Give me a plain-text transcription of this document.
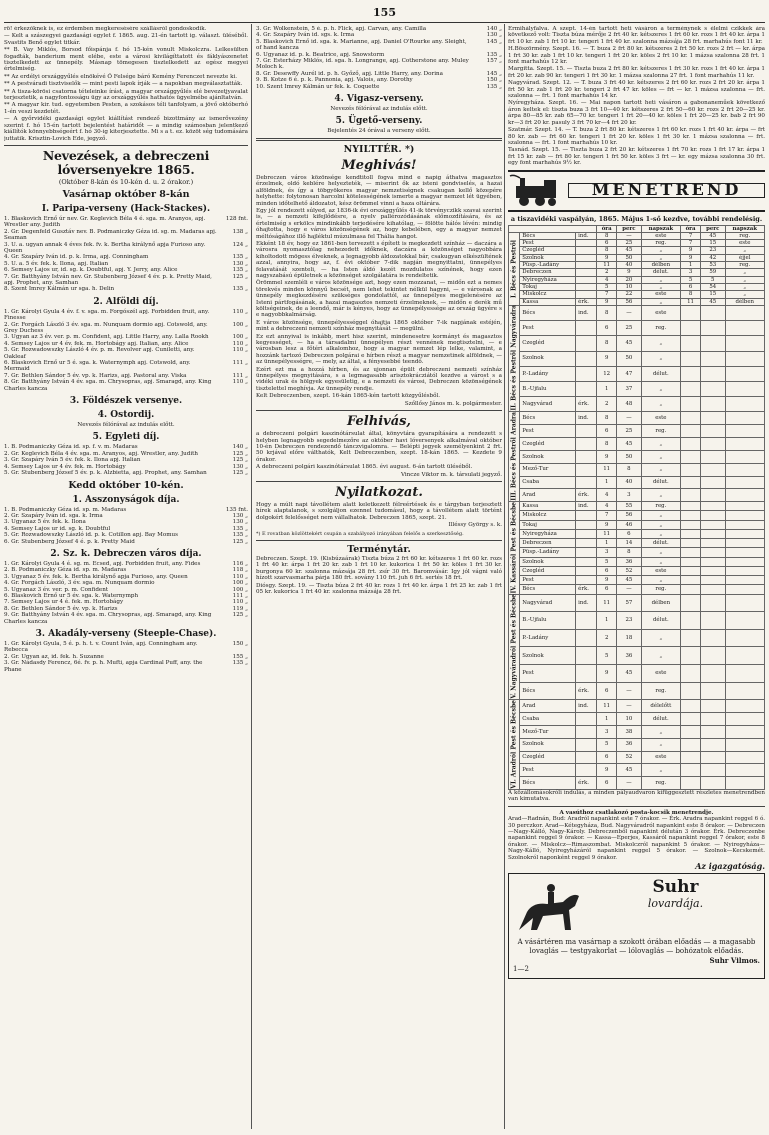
155

rö! érkezőknek is, ez érdemben megkeresésére szállásról gondoskodik.

— Kelt a szászegyei gazdasági egylet f. 1865. aug. 21-én tartott ig. választ. üléséből. Svastits Benő egylet titkár.

** B. Vay Miklós, Borsod főispánja f. hó 15-kén vonult Miskolczra. Lelkesülten fogadták, banderium ment elébe, este a városi kivilágíttatott és fáklyászenetet tisztelkedett az ünnepély. Másnap tömegesen tisztelkedett az egész megyei értelmiség.

** Az erdélyi országgyűlés elnökévé Ő Felsége báró Kemény Ferenczet nevezte ki.

** A pestváradi tisztviselők — mint pesti lapok írják — a napokban megválasztatták.

** A tisza-körösi csatorna tételeinke írást, a magyar országgyűlés elé bevezetjyavalat terjesztetik, a nagyfontosságu ügy az országgyűlés hathatós ügyelmébe ajánltatván.

** A magyar kir. tud. egyetemben Pesten, a szokásos téli tanfolyam, a jövő októberhó 1-én veszi kezdetét.

— A győrvidéki gazdasági egylet kiállítást rendező bizottmány az ismerővezény szerint f. hó 15-én tartott bejelentést határidőt — a mindig számosban jelentkező kiállítók könnyebbségeért f. hó 30-ig kiterjesztette. Mi s a t. ez. közöt ség tudomására juttatik. Krisztin-Lovich Ede, jegyző.

Nevezések, a debreczeni lóversenyekre 1865.
(Október 8-kán és 10-kén d. u. 2 órakor.)
Vasárnap október 8-kán
I. Paripa-verseny (Hack-Stackes).
1. Blaskovich Ernő úr nev. Gr. Keglevich Béla 4 é. sga. m. Aranyos, apj. Wrestler any. Judith
128 fnt.
2. Gr. Degenfeld Gusztáv nev. B. Podmaniczky Géza id. sg. m. Madaras apj. Seaman
138 „
3. U. a. ugyan annak 4 éves fek. fv. k. Bertha királynő apja Furioso any. Queen
124 „
4. Gr. Szapáry Iván id. p. k. Irma, apj. Conningham	135 „
5. U. a. 5 év. fek. k. Ilona, apj. Italian	130 „
6. Semsey Lajos ur, id. sg. k. Doubtful, apj. Y. Jerry, any. Alice	135 „
7. Gr. Batthyány István nev. Gr. Stubenberg József 4 év. p. k. Pretty Maid, apj. Prophet, any. Samhan
125 „
8. Szent Imrey Kálmán ur sga. h. Delin	135 „
2. Alföldi díj.
1. Gr. Károlyi Gyula 4 év. f. v. sga. m. Forgószél apj. Forbidden fruit, any. Finesse
110 „
2. Gr. Forgách László 3 év. sga. m. Nunquam dormio apj. Cotswold, any. Grey Duchess
100 „
3. Ugyan az 3 év. ver. p. m. Confident, apj. Little Harry, any. Lalla Rookh	100 „
4. Semsey Lajos ur 4 év. fek. m. Hortobágy apj. Italian, any. Alice	110 „
5. Gr. Rozwadowszky László 4 év. p. m. Revolver apj. Cuniletti, any. Oakleaf
110 „
6. Blaskovich Ernő ur 5 é. sga. k. Waternymph apj. Cotswold, any. Mermaid
111 „
7. Gr. Bethlen Sándor 5 év. vp. k. Harizs, apj. Pastoral any. Viska	111 „
8. Gr. Batthyány István 4 év. sga. m. Chrysopras, apj. Smaragd, any. King Charles kancza
110 „
3. Földészek versenye.
4. Ostordij.
Nevezés félórával az indulás előtt.
5. Egyleti díj.
1. B. Podmaniczky Géza id. sp. f. v. m. Madaras	140 „
2. Gr. Keglevich Béla 4 év. sga. m. Aranyos, apj. Wrestler, any. Judith	125 „
3. Gr. Szapáry Iván 5 év. fek. k. Ilona apj. Italian	125 „
4. Semsey Lajos ur 4 év. fek. m. Hortobágy	130 „
5. Gr. Stubenberg József 5 év. p. k. Alzbietta, apj. Prophet, any. Samhan	125 „
Kedd október 10-kén.
1. Asszonyságok díja.
1. B. Podmaniczky Géza id. sp. m. Madaras	135 fnt.
2. Gr. Szapáry Iván id. sga. k. Irma	130 „
3. Ugyanaz 5 év. fek. k. Ilona	130 „
4. Semsey Lajos ur id. sg. k. Doubtful	135 „
5. Gr. Rozwadowszky László id. p. k. Cotillon apj. Bay Momus	135 „
6. Gr. Stubenberg József 4 é. p. k. Pretty Maid	125 „
2. Sz. k. Debreczen város díja.
1. Gr. Károlyi Gyula 4 é. sg. m. Ecsed, apj. Forbidden fruit, any. Fides	116 „
2. B. Podmaniczky Géza id. sp. m. Madaras	118 „
3. Ugyanaz 5 év. fek. k. Bertha királynő apja Furioso, any. Queen	110 „
4. Gr. Forgách László, 3 év. sga. m. Nunquam dormio	100 „
5. Ugyanaz 3 év. ver. p. m. Confident	100 „
6. Blaskovich Ernő ur 5 év. sga. k. Waternymph	111 „
7. Semsey Lajos ur 4 é. fek. m. Hortobágy	110 „
8. Gr. Bethlen Sándor 5 év. vp. k. Harizs	119 „
9. Gr. Batthyány István 4 év. sga. m. Chrysopras, apj. Smaragd, any. King Charles kancza
125 „
3. Akadály-verseny (Steeple-Chase).
1. Gr. Károlyi Gyula, 5 é. p. h. t. v. Count Iván, apj. Conningham any. Rebecca
150 „
2. Gr. Ugyan az, id. fek. h. Suzanne	155 „
3. Gr. Nádasdy Ferencz, 6é. fv. p. h. Mufti, apja Cardinal Puff, any. the Phane
135 „
3. Gr. Wolkenstein, 5 é. p. h. Flick, apj. Carvan, any. Camilla	140 „
4. Gr. Szapáry Iván id. sgs. k. Irma	130 „
5. Blaskovich Ernő id. sga. k. Marianne, apj. Daniel O'Rourke any. Sleight, of hand kancza
145 „
6. Ugyanaz id. p. k. Beatrice, apj. Snowstorm	135 „
7. Gr. Esterházy Miklós, id. sga. h. Longrange, apj. Cotherstone any. Muley Moloch k.
157 „
8. Gr. Desewffy Aurél id. p. h. Győző, apj. Little Harry, any. Dorina	145 „
9. B. Kotze 6 é. p. k. Pannonia, apj. Valois, any. Dorothy	150 „
10. Szent Imrey Kálmán ur fek. k. Coquette	135 „
4. Vigasz-verseny.
Nevezés félórával az indulás előtt.
5. Ügető-verseny.
Bejelentés 24 órával a verseny előtt.
NYILTTÉR. *)
Meghivás!

Debreczen város közönsége kendtitoll fogva mind e napig áthatva magasztos érzelmek, oldó keblére helyezteték, — miserint ők az isteni gondviselés, a hazai alföldnek, és így a töbgyökeres magyar nemzetiségnek csakugan kellő közepére helyhette: folytonosan harcolni kötelességének ismerte a magyar nemzet lét ügyében, minden időtelhető áldozatot, kész örömmel vinni a haza oltárára.

Egy jól rendezett súlyed, az 1836-ik évi országgyűlés 41-ik törvényczikk szavai szerint is, — a nemzeti kifejlődésre, a nyelv pallérozódásának előmozdítására, és az értelmiség s erkölcs mindinkább terjedésére kihatólag, — fölötte hálós lévén: mindig óhajtotta, hogy e város közönségének az, hogy kebelében, egy a magyar nemzet méltóságához illő hajléktul múzulmasa fel Thália hangot.

Ekként 18 év, hogy ez 1861-ben tervezett s épített is megkezdett színház — daczára a városra nyomasztólag nehezedett időknek, daczára a közönséget nagyobbára kiholtodott mögess élveknek, a legnagyobb áldozatokkal bár, csakugyan elkészültének azzal, annyira, hogy az, f. évi október 7-dik napján megnyittatni, ünnepélyes felavatását szenteli, — ha Isten áldó kezét mozdulatos színének, hogy ezen nagyszabású épületnek a közönséget szolgálatára is rendeltetik.

Örömmel szemléli e város közönsége azt, hogy ezen mozzanat, — midőn ezt a nemes törekvés minden könnyű becsét, nem lehet tekintet nélkül hagyni, — e városnak az ünnepély megkezdésére szükséges gondolattól, az ünnepélyes megjelenésére az Isteni pártfogásának, a hazai magasztos nemzeti érzelmeknek, — midőn e derék mű költségeinek, de a leendő, már is kényes, hogy az ünnepélyessége az ország ügyére s e nagyobbkalmárság.

E város közönsége, ünnepélyességgel óhajtja 1865 október 7-ik napjának estéjén, mint a debreczeni nemzeti színház megnyitását — megülni.

Ez ezt annyival is inkább, mert hisz szerint, mindenesetre kormányt és magasztos kegyességet, — ha a társadalmi ünnepélyen részt vennének megtisztelni, — e városban lesz a főtéri alkalomhoz, hogy a magyar nemzet lép lelke, valamint, a hozzánk tartozó Debreczen polgárai e hírben részt a magyar nemzetinek alföldnek, — az ünnepélyességre, — mely, az által, a fényesebbé teendő.

Ezért ezt ma a hozzá hírben, és az ujonnan épült debreczeni nemzeti színház ünnepélyes megnyitására, s a legmagasabb arisztokrácziától kezdve a várost s a vidéki urak és hölgyek egyesületig, e a nemzeti és városi, Debreczen közönségének tisztelettel meghívja. Az ünnepély rendje.

Kelt Debreczenben, szept. 16-kán 1865-kén tartott közgyűlésből.

Szőllősy János m. k. polgármester.
Felhivás,

a debreczeni polgári kaszinótársulat által, könyvtára gyarapítására a rendezett s helyben legnagyobb segedelmezőre az október havi lóversenyek alkalmával október 10-én Debreczen rendezendő tánczvigalomra. — Belépti jegyek személyenkint 2 frt. 50 krjával előre válthatók, Kelt Debreczenben, szept. 18-kán 1865. — Kezdete 9 órakor.

A debreczeni polgári kaszinótársulat 1865. évi august. 6-án tartott üléséből.

Vincze Viktor m. k. társulati jegyző.
Nyilatkozat.

Hogy a múlt napi távollétem alatt keletkezett félreértések és e tárgyban terjesztett hírek alaptalanok, s szolgáljon ezennel tudomásul, hogy a távollétem alatt történt dolgokért felelősséget nem vállalhatok. Debreczen 1865, szept. 21.

Illéssy György s. k.

*) E rovatban közlöttekért csupán a szabályozó irányában felelős a szerkesztőség.

Terménytár.

Debreczen. Szept. 19. (Kisbúzaárak) Tiszta búza 2 frt 60 kr. kétszeres 1 frt 60 kr. rozs 1 frt 40 kr. árpa 1 frt 20 kr. zab 1 frt 10 kr. kukorica 1 frt 50 kr. köles 1 frt 30 kr. burgonya 60 kr. szalonna mázsája 28 frt. zsír 30 frt. Baromvásár. Igy jól vágni való hízott szarvasmarha párja 180 frt. sovány 110 frt. juh 6 frt. sertés 18 frt.

Diósgy. Szept. 19. — Tiszta búza 2 frt 40 kr. rozs 1 frt 40 kr. árpa 1 frt 25 kr. zab 1 frt 05 kr. kukorica 1 frt 40 kr. szalonna mázsája 28 frt.

Érmihályfalva. A szept. 14-én tartott heti vásáron a terménynek s élelmi czikkek ára következő volt: Tiszta búza mérője 2 frt 40 kr. kétszeres 1 frt 60 kr. rozs 1 frt 40 kr. árpa 1 frt 10 kr. zab 1 frt 10 kr. tengeri 1 frt 40 kr. szalonna mázsája 28 frt. marhahús font 11 kr.

H.Böszörmény. Szept. 16. — T. buza 2 frt 80 kr. kétszeres 2 frt 50 kr. rozs 2 frt — kr. árpa 1 frt 30 kr. zab 1 frt 10 kr. tengeri 1 frt 20 kr. köles 2 frt 10 kr. 1 mázsa szalonna 28 frt. 1 font marhahús 12 kr.

Margitta. Szept. 15. — Tiszta buza 2 frt 80 kr. kétszeres 1 frt 30 kr. rozs 1 frt 40 kr. árpa 1 frt 20 kr. zab 90 kr. tengeri 1 frt 30 kr. 1 mázsa szalonna 27 frt. 1 font marhahús 11 kr.

Nagyvárad. Szept. 12. — T. buza 3 frt 40 kr. kétszeres 2 frt 60 kr. rozs 2 frt 20 kr. árpa 1 frt 50 kr. zab 1 frt 20 kr. tengeri 2 frt 47 kr. köles — frt — kr. 1 mázsa szalonna — frt. szalonna — frt. 1 font marhahús 14 kr.

Nyíregyháza. Szept. 16. — Mai napon tartott heti vásáron a gabonaneműek következő áron keltek el: tiszta buza 3 frt 10—40 kr. kétszeres 2 frt 50—60 kr. rozs 2 frt 20—25 kr. árpa 80—85 kr. zab 65—70 kr. tengeri 1 frt 20—40 kr. köles 1 frt 20—25 kr. bab 2 frt 90 kr—3 frt 20 kr. pasuly 3 frt 70 kr—4 frt 20 kr.

Szatmár. Szept. 14. — T. buza 2 frt 80 kr. kétszeres 1 frt 60 kr. rozs 1 frt 40 kr. árpa — frt 80 kr. zab — frt 60 kr. tengeri 1 frt 20 kr. köles 1 frt 30 kr. 1 mázsa szalonna — frt. szalonna — frt. 1 font marhahús 10 kr.

Tasnád. Szept. 15. — Tiszta buza 2 frt 20 kr. kétszeres 1 frt 70 kr. rozs 1 frt 17 kr. árpa 1 frt 15 kr. zab — frt 80 kr. tengeri 1 frt 50 kr. köles 3 frt — kr. egy mázsa szalonna 30 frt. egy font marhahús 9½ kr.

MENETREND
a tiszavidéki vaspályán, 1865. Május 1-ső kezdve, további rendelésig.
			óra	perc	napszak	óra	perc	napszak
I. Bécs és Pestről	Bécs	ind.	8	—	este	7	45	reg.
	Pest		6	25	reg.	7	15	este
	Czegléd		8	45	„	9	23	„
	Szolnok		9	50	„	9	42	éjjel
	Püsp.-Ladány		11	40	délben	1	53	reg.
	Debreczen		2	9	délut.	3	59	„
	Nyiregyháza		4	20	„	5	5	„
	Tokaj		5	10	„	6	54	„
	Miskolcz		7	22	este	8	15	„
	Kassa	érk.	9	56	„	11	45	délben
II. Bécs és Pestről Nagyváradra	Bécs	ind.	8	—	este			
	Pest		6	25	reg.			
	Czegléd		8	45	„			
	Szolnok		9	50	„			
	P.-Ladány		12	47	délut.			
	B.-Ujfalu		1	37	„			
	Nagyvárad	érk.	2	48	„			
III. Bécs és Pestről Aradra	Bécs	ind.	8	—	este			
	Pest		6	25	reg.			
	Czegléd		8	45	„			
	Szolnok		9	50	„			
	Mező-Tur		11	8	„			
	Csaba		1	40	délut.			
	Arad	érk.	4	3	„			
IV. Kassáról Pest és Bécsbe	Kassa	ind.	4	55	reg.			
	Miskolcz		7	56	„			
	Tokaj		9	46	„			
	Nyiregyháza		11	6	„			
	Debreczen		1	14	délut.			
	Püsp.-Ladány		3	8	„			
	Szolnok		5	36	„			
	Czegléd		6	52	este			
	Pest		9	45	„			
	Bécs	érk.	6	—	reg.			
V. Nagyváradról Pest és Bécsbe	Nagyvárad	ind.	11	57	délben			
	B.-Ujfalu		1	23	délut.			
	P.-Ladány		2	18	„			
	Szolnok		5	36	„			
	Pest		9	45	este			
	Bécs	érk.	6	—	reg.			
VI. Aradról Pest és Bécsbe	Arad	ind.	11	—	délelőtt			
	Csaba		1	10	délut.			
	Mező-Tur		3	38	„			
	Szolnok		5	36	„			
	Czegléd		6	52	este			
	Pest		9	45	„			
	Bécs	érk.	6	—	reg.			

A közállomásokróli indulás, a minden pályaudvaron kifüggesztett részletes menetrendben van kimutatva.

A vasúthoz csatlakozó posta-kocsik menetrendje.

Arad—Radnán, Bud: Aradról napankint este 7 órakor. — Érk. Aradra napankint reggel 6 ó. 30 perczkor. Arad—Kétegyháza, Bud. Nagyváradról napankint este 8 órakor. — Debreczen—Nagy-Kálló, Nagy-Károly. Debreczenből napankint délután 3 órakor. Érk. Debreczenbe napankint reggel 9 órakor. — Kassa—Eperjes, Kassáról napankint reggel 7 órakor, este 8 órakor. — Miskolcz—Rimaszombat. Miskolczról napankint 5 órakor. — Nyiregyháza—Nagy-Kálló, Nyiregyházáról napankint reggel 5 órakor. — Szolnok—Kecskemét. Szolnokról naponként reggel 9 órakor.

Az igazgatóság.
Suhr
lovardája.
A vásártéren ma vasárnap a szokott órában előadás — a magasabb lovaglás — testgyakorlat — lólovaglás — bohózatok előadás.
Suhr Vilmos.
1—2
